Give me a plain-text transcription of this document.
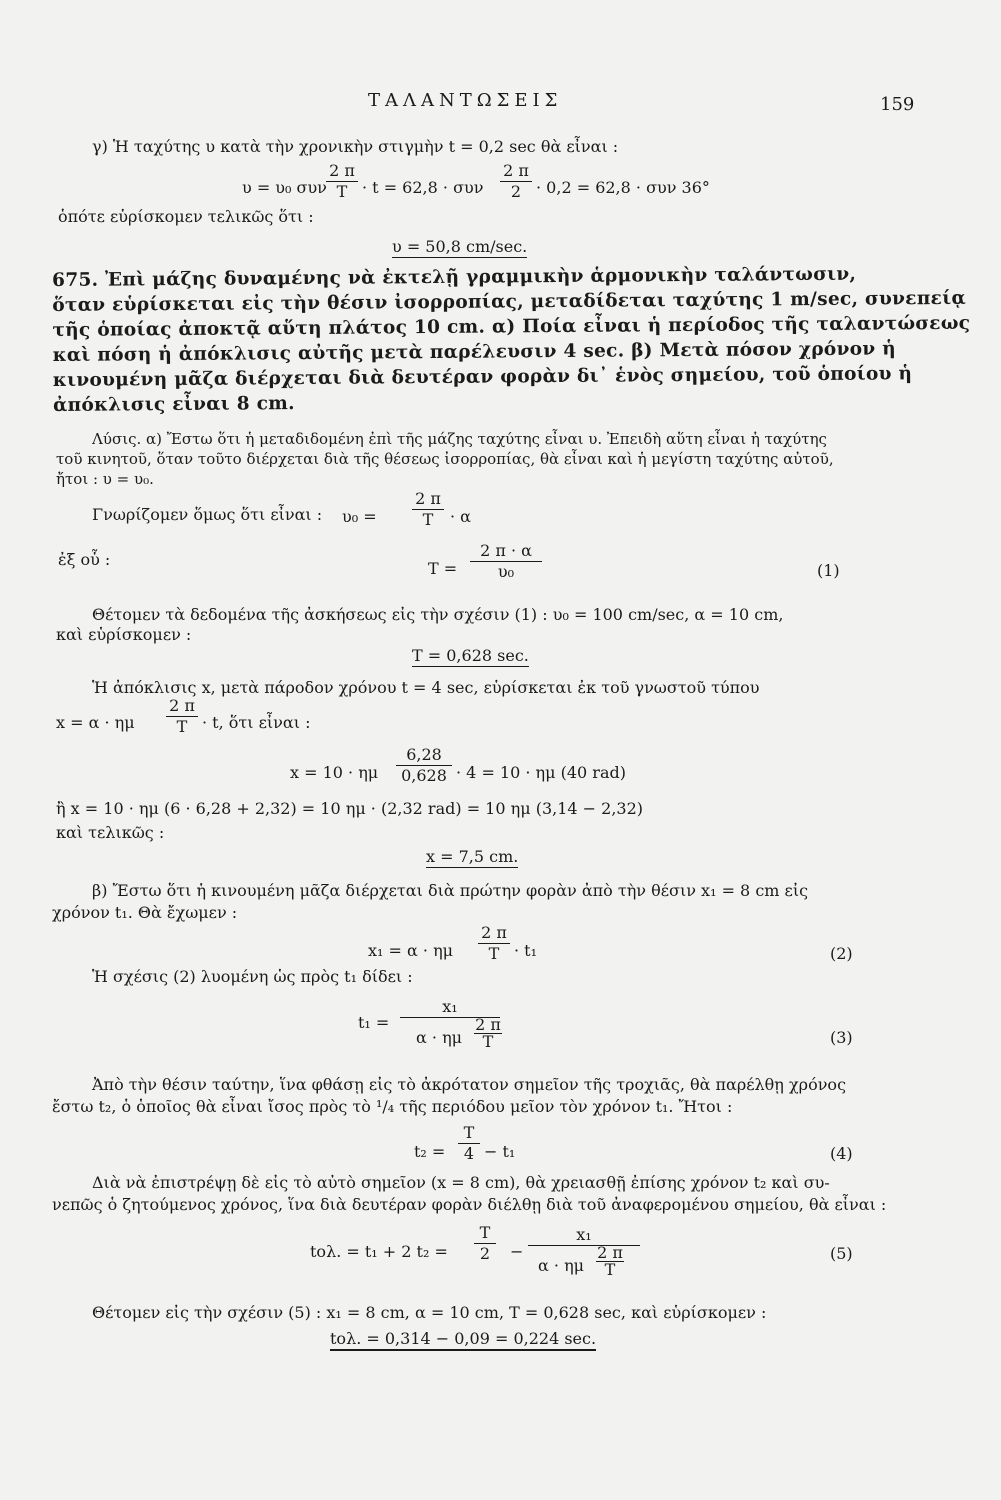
ΤΑΛΑΝΤΩΣΕΙΣ	159
γ) Ἡ ταχύτης υ κατὰ τὴν χρονικὴν στιγμὴν t = 0,2 sec θὰ εἶναι :
υ = υ₀ συν
2 π
T · t = 62,8 · συν
2 π
2 · 0,2 = 62,8 · συν 36°
ὁπότε εὑρίσκομεν τελικῶς ὅτι :
υ = 50,8 cm/sec.
675. Ἐπὶ μάζης δυναμένης νὰ ἐκτελῇ γραμμικὴν ἁρμονικὴν ταλάντωσιν,
ὅταν εὑρίσκεται εἰς τὴν θέσιν ἰσορροπίας, μεταδίδεται ταχύτης 1 m/sec, συνεπείᾳ
τῆς ὁποίας ἀποκτᾷ αὕτη πλάτος 10 cm. α) Ποία εἶναι ἡ περίοδος τῆς ταλαντώσεως
καὶ πόση ἡ ἀπόκλισις αὐτῆς μετὰ παρέλευσιν 4 sec. β) Μετὰ πόσον χρόνον ἡ
κινουμένη μᾶζα διέρχεται διὰ δευτέραν φορὰν δι᾽ ἑνὸς σημείου, τοῦ ὁποίου ἡ
ἀπόκλισις εἶναι 8 cm.
Λύσις. α) Ἔστω ὅτι ἡ μεταδιδομένη ἐπὶ τῆς μάζης ταχύτης εἶναι υ. Ἐπειδὴ αὕτη εἶναι ἡ ταχύτης
τοῦ κινητοῦ, ὅταν τοῦτο διέρχεται διὰ τῆς θέσεως ἰσορροπίας, θὰ εἶναι καὶ ἡ μεγίστη ταχύτης αὐτοῦ,
ἤτοι : υ = υ₀.
Γνωρίζομεν ὅμως ὅτι εἶναι : υ₀ =
2 π
T	· α
ἐξ οὗ :	T =
2 π · α
υ₀	(1)
Θέτομεν τὰ δεδομένα τῆς ἀσκήσεως εἰς τὴν σχέσιν (1) : υ₀ = 100 cm/sec, α = 10 cm,
καὶ εὑρίσκομεν :
T = 0,628 sec.
Ἡ ἀπόκλισις x, μετὰ πάροδον χρόνου t = 4 sec, εὑρίσκεται ἐκ τοῦ γνωστοῦ τύπου
x = α · ημ
2 π
T · t, ὅτι εἶναι :
x = 10 · ημ
6,28
0,628 · 4 = 10 · ημ (40 rad)
ἢ x = 10 · ημ (6 · 6,28 + 2,32) = 10 ημ · (2,32 rad) = 10 ημ (3,14 − 2,32)
καὶ τελικῶς :
x = 7,5 cm.
β) Ἔστω ὅτι ἡ κινουμένη μᾶζα διέρχεται διὰ πρώτην φορὰν ἀπὸ τὴν θέσιν x₁ = 8 cm εἰς
χρόνον t₁. Θὰ ἔχωμεν :
x₁ = α · ημ
2 π
T · t₁	(2)
Ἡ σχέσις (2) λυομένη ὡς πρὸς t₁ δίδει :
t₁ =
x₁
α · ημ
2 π
T	(3)
Ἀπὸ τὴν θέσιν ταύτην, ἵνα φθάσῃ εἰς τὸ ἀκρότατον σημεῖον τῆς τροχιᾶς, θὰ παρέλθῃ χρόνος
ἔστω t₂, ὁ ὁποῖος θὰ εἶναι ἴσος πρὸς τὸ ¹/₄ τῆς περιόδου μεῖον τὸν χρόνον t₁. Ἤτοι :
t₂ =
T
4 − t₁	(4)
Διὰ νὰ ἐπιστρέψῃ δὲ εἰς τὸ αὐτὸ σημεῖον (x = 8 cm), θὰ χρειασθῇ ἐπίσης χρόνον t₂ καὶ συ-
νεπῶς ὁ ζητούμενος χρόνος, ἵνα διὰ δευτέραν φορὰν διέλθῃ διὰ τοῦ ἀναφερομένου σημείου, θὰ εἶναι :
tολ. = t₁ + 2 t₂ =
T
2	−
x₁
α · ημ
2 π
T
(5)
Θέτομεν εἰς τὴν σχέσιν (5) : x₁ = 8 cm, α = 10 cm, T = 0,628 sec, καὶ εὑρίσκομεν :
tολ. = 0,314 − 0,09 = 0,224 sec.
